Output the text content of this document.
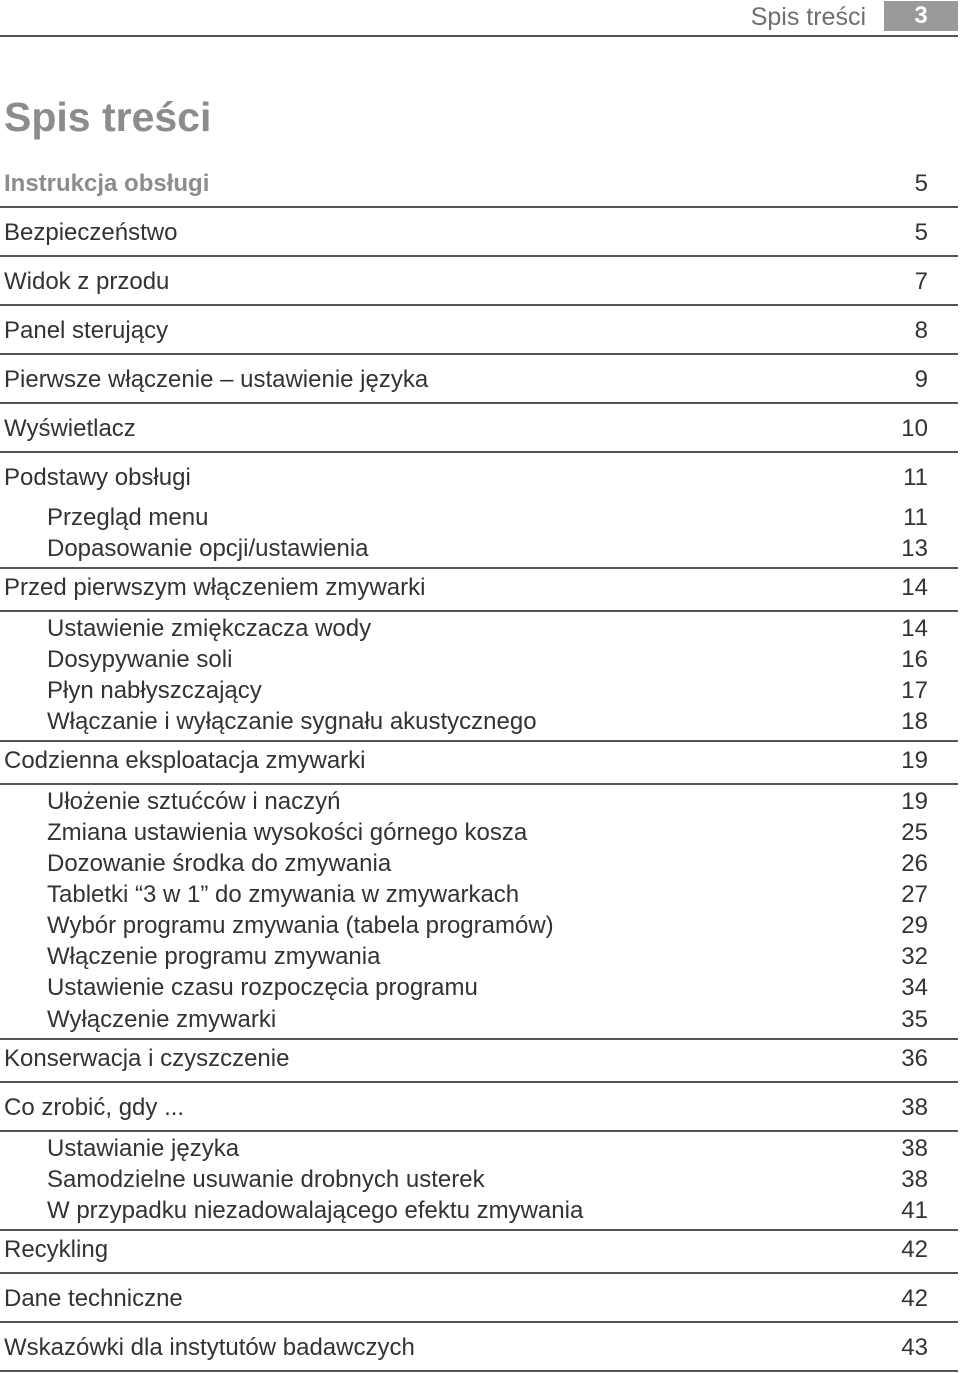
Spis treści	3
Spis treści
Instrukcja obsługi	5
Bezpieczeństwo	5
Widok z przodu	7
Panel sterujący	8
Pierwsze włączenie – ustawienie języka	9
Wyświetlacz	10
Podstawy obsługi	11
Przegląd menu	11
Dopasowanie opcji/ustawienia	13
Przed pierwszym włączeniem zmywarki	14
Ustawienie zmiękczacza wody	14
Dosypywanie soli	16
Płyn nabłyszczający	17
Włączanie i wyłączanie sygnału akustycznego	18
Codzienna eksploatacja zmywarki	19
Ułożenie sztućców i naczyń	19
Zmiana ustawienia wysokości górnego kosza	25
Dozowanie środka do zmywania	26
Tabletki “3 w 1” do zmywania w zmywarkach	27
Wybór programu zmywania (tabela programów)	29
Włączenie programu zmywania	32
Ustawienie czasu rozpoczęcia programu	34
Wyłączenie zmywarki	35
Konserwacja i czyszczenie	36
Co zrobić, gdy ...	38
Ustawianie języka	38
Samodzielne usuwanie drobnych usterek	38
W przypadku niezadowalającego efektu zmywania	41
Recykling	42
Dane techniczne	42
Wskazówki dla instytutów badawczych	43
